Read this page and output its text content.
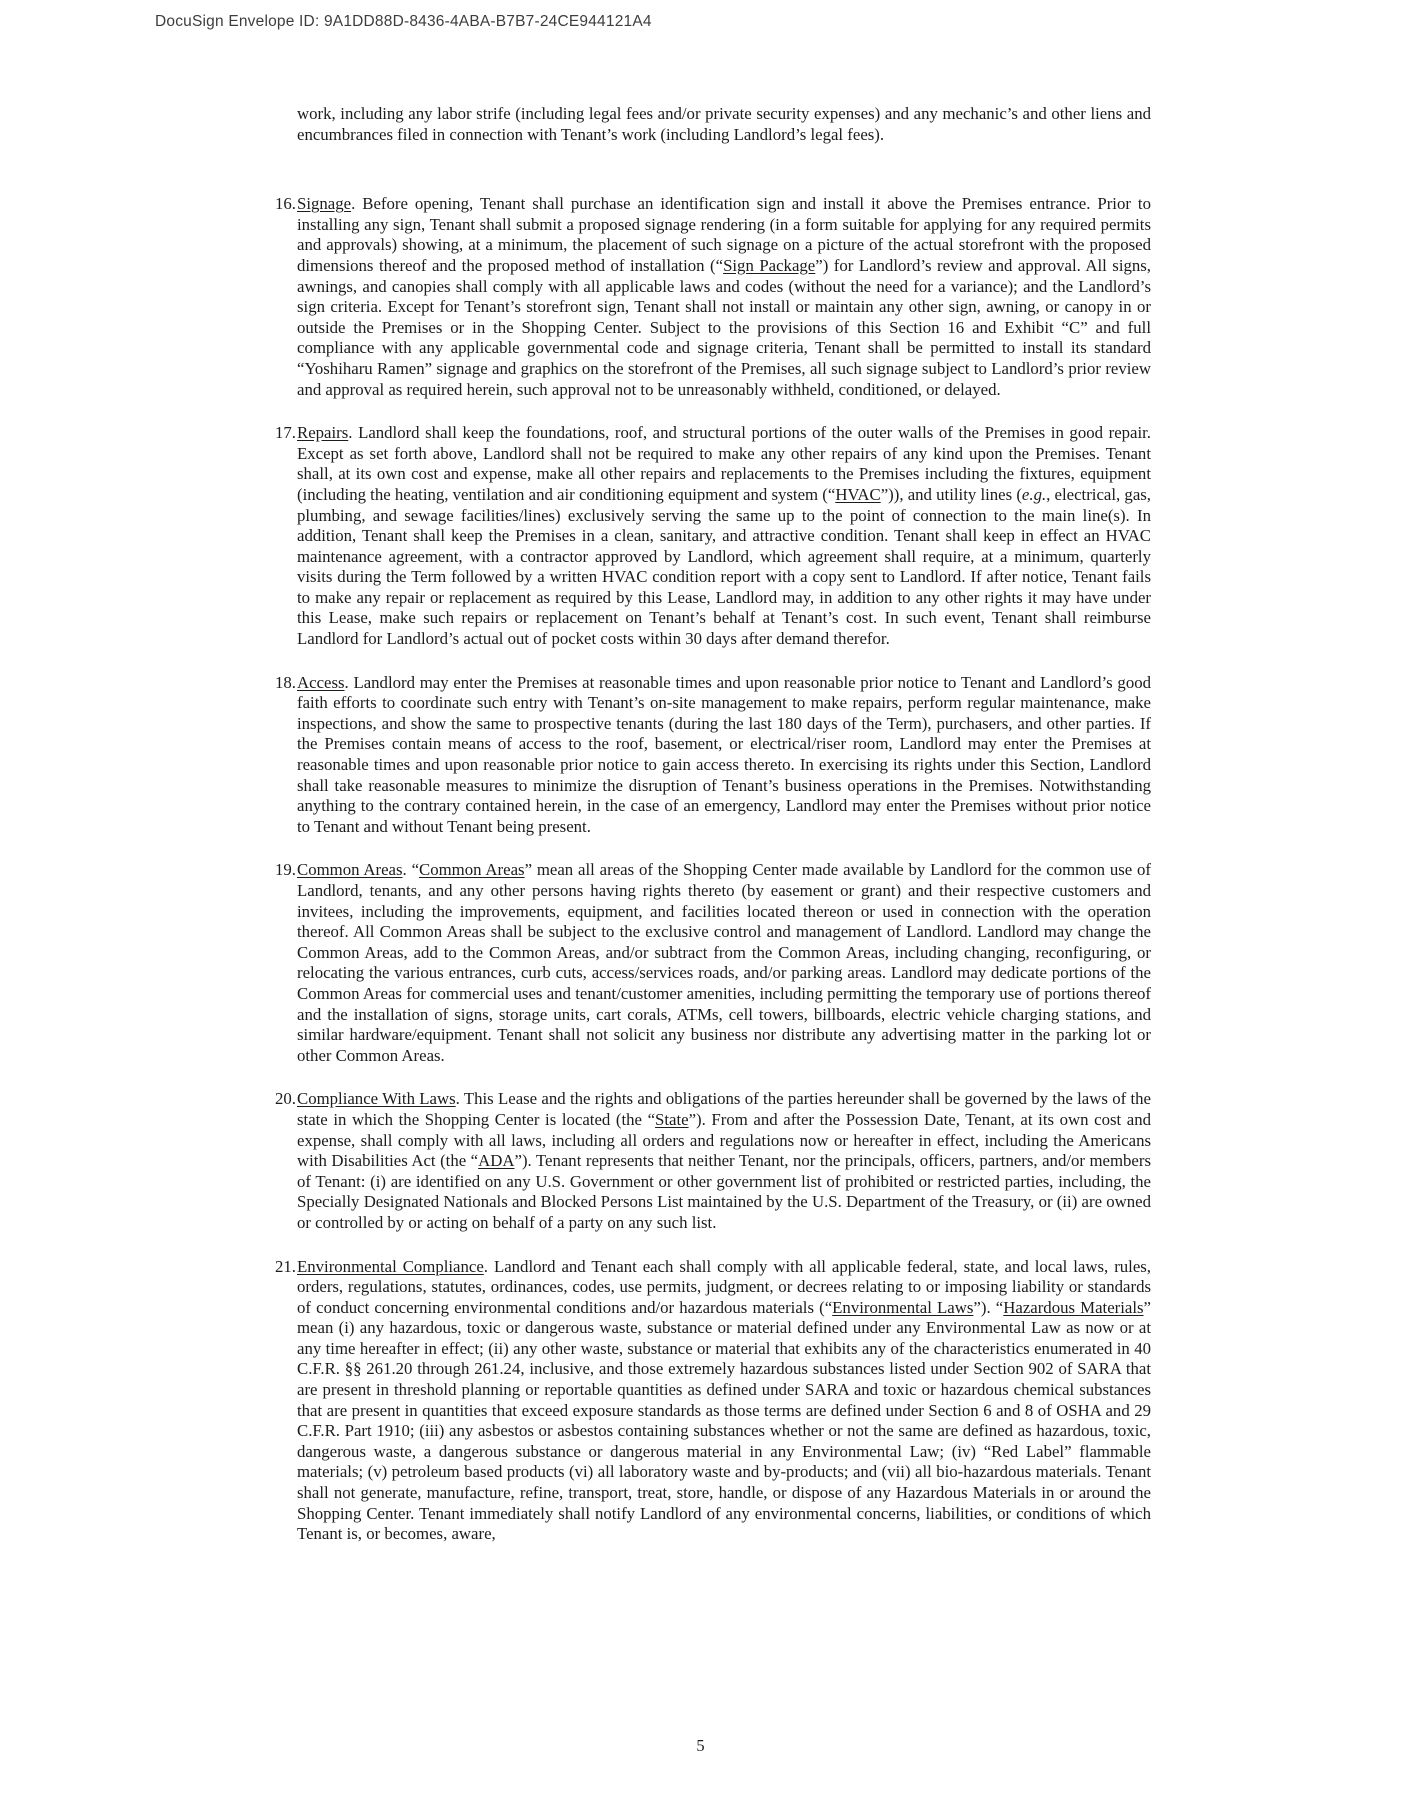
DocuSign Envelope ID: 9A1DD88D-8436-4ABA-B7B7-24CE944121A4

work, including any labor strife (including legal fees and/or private security expenses) and any mechanic’s and other liens and encumbrances filed in connection with Tenant’s work (including Landlord’s legal fees).

16. Signage. Before opening, Tenant shall purchase an identification sign and install it above the Premises entrance. Prior to installing any sign, Tenant shall submit a proposed signage rendering (in a form suitable for applying for any required permits and approvals) showing, at a minimum, the placement of such signage on a picture of the actual storefront with the proposed dimensions thereof and the proposed method of installation (“Sign Package”) for Landlord’s review and approval. All signs, awnings, and canopies shall comply with all applicable laws and codes (without the need for a variance); and the Landlord’s sign criteria. Except for Tenant’s storefront sign, Tenant shall not install or maintain any other sign, awning, or canopy in or outside the Premises or in the Shopping Center. Subject to the provisions of this Section 16 and Exhibit “C” and full compliance with any applicable governmental code and signage criteria, Tenant shall be permitted to install its standard “Yoshiharu Ramen” signage and graphics on the storefront of the Premises, all such signage subject to Landlord’s prior review and approval as required herein, such approval not to be unreasonably withheld, conditioned, or delayed.
17. Repairs. Landlord shall keep the foundations, roof, and structural portions of the outer walls of the Premises in good repair. Except as set forth above, Landlord shall not be required to make any other repairs of any kind upon the Premises. Tenant shall, at its own cost and expense, make all other repairs and replacements to the Premises including the fixtures, equipment (including the heating, ventilation and air conditioning equipment and system (“HVAC”)), and utility lines (e.g., electrical, gas, plumbing, and sewage facilities/lines) exclusively serving the same up to the point of connection to the main line(s). In addition, Tenant shall keep the Premises in a clean, sanitary, and attractive condition. Tenant shall keep in effect an HVAC maintenance agreement, with a contractor approved by Landlord, which agreement shall require, at a minimum, quarterly visits during the Term followed by a written HVAC condition report with a copy sent to Landlord. If after notice, Tenant fails to make any repair or replacement as required by this Lease, Landlord may, in addition to any other rights it may have under this Lease, make such repairs or replacement on Tenant’s behalf at Tenant’s cost. In such event, Tenant shall reimburse Landlord for Landlord’s actual out of pocket costs within 30 days after demand therefor.
18. Access. Landlord may enter the Premises at reasonable times and upon reasonable prior notice to Tenant and Landlord’s good faith efforts to coordinate such entry with Tenant’s on-site management to make repairs, perform regular maintenance, make inspections, and show the same to prospective tenants (during the last 180 days of the Term), purchasers, and other parties. If the Premises contain means of access to the roof, basement, or electrical/riser room, Landlord may enter the Premises at reasonable times and upon reasonable prior notice to gain access thereto. In exercising its rights under this Section, Landlord shall take reasonable measures to minimize the disruption of Tenant’s business operations in the Premises. Notwithstanding anything to the contrary contained herein, in the case of an emergency, Landlord may enter the Premises without prior notice to Tenant and without Tenant being present.
19. Common Areas. “Common Areas” mean all areas of the Shopping Center made available by Landlord for the common use of Landlord, tenants, and any other persons having rights thereto (by easement or grant) and their respective customers and invitees, including the improvements, equipment, and facilities located thereon or used in connection with the operation thereof. All Common Areas shall be subject to the exclusive control and management of Landlord. Landlord may change the Common Areas, add to the Common Areas, and/or subtract from the Common Areas, including changing, reconfiguring, or relocating the various entrances, curb cuts, access/services roads, and/or parking areas. Landlord may dedicate portions of the Common Areas for commercial uses and tenant/customer amenities, including permitting the temporary use of portions thereof and the installation of signs, storage units, cart corals, ATMs, cell towers, billboards, electric vehicle charging stations, and similar hardware/equipment. Tenant shall not solicit any business nor distribute any advertising matter in the parking lot or other Common Areas.
20. Compliance With Laws. This Lease and the rights and obligations of the parties hereunder shall be governed by the laws of the state in which the Shopping Center is located (the “State”). From and after the Possession Date, Tenant, at its own cost and expense, shall comply with all laws, including all orders and regulations now or hereafter in effect, including the Americans with Disabilities Act (the “ADA”). Tenant represents that neither Tenant, nor the principals, officers, partners, and/or members of Tenant: (i) are identified on any U.S. Government or other government list of prohibited or restricted parties, including, the Specially Designated Nationals and Blocked Persons List maintained by the U.S. Department of the Treasury, or (ii) are owned or controlled by or acting on behalf of a party on any such list.
21. Environmental Compliance. Landlord and Tenant each shall comply with all applicable federal, state, and local laws, rules, orders, regulations, statutes, ordinances, codes, use permits, judgment, or decrees relating to or imposing liability or standards of conduct concerning environmental conditions and/or hazardous materials (“Environmental Laws”). “Hazardous Materials” mean (i) any hazardous, toxic or dangerous waste, substance or material defined under any Environmental Law as now or at any time hereafter in effect; (ii) any other waste, substance or material that exhibits any of the characteristics enumerated in 40 C.F.R. §§ 261.20 through 261.24, inclusive, and those extremely hazardous substances listed under Section 902 of SARA that are present in threshold planning or reportable quantities as defined under SARA and toxic or hazardous chemical substances that are present in quantities that exceed exposure standards as those terms are defined under Section 6 and 8 of OSHA and 29 C.F.R. Part 1910; (iii) any asbestos or asbestos containing substances whether or not the same are defined as hazardous, toxic, dangerous waste, a dangerous substance or dangerous material in any Environmental Law; (iv) “Red Label” flammable materials; (v) petroleum based products (vi) all laboratory waste and by-products; and (vii) all bio-hazardous materials. Tenant shall not generate, manufacture, refine, transport, treat, store, handle, or dispose of any Hazardous Materials in or around the Shopping Center. Tenant immediately shall notify Landlord of any environmental concerns, liabilities, or conditions of which Tenant is, or becomes, aware,
5
